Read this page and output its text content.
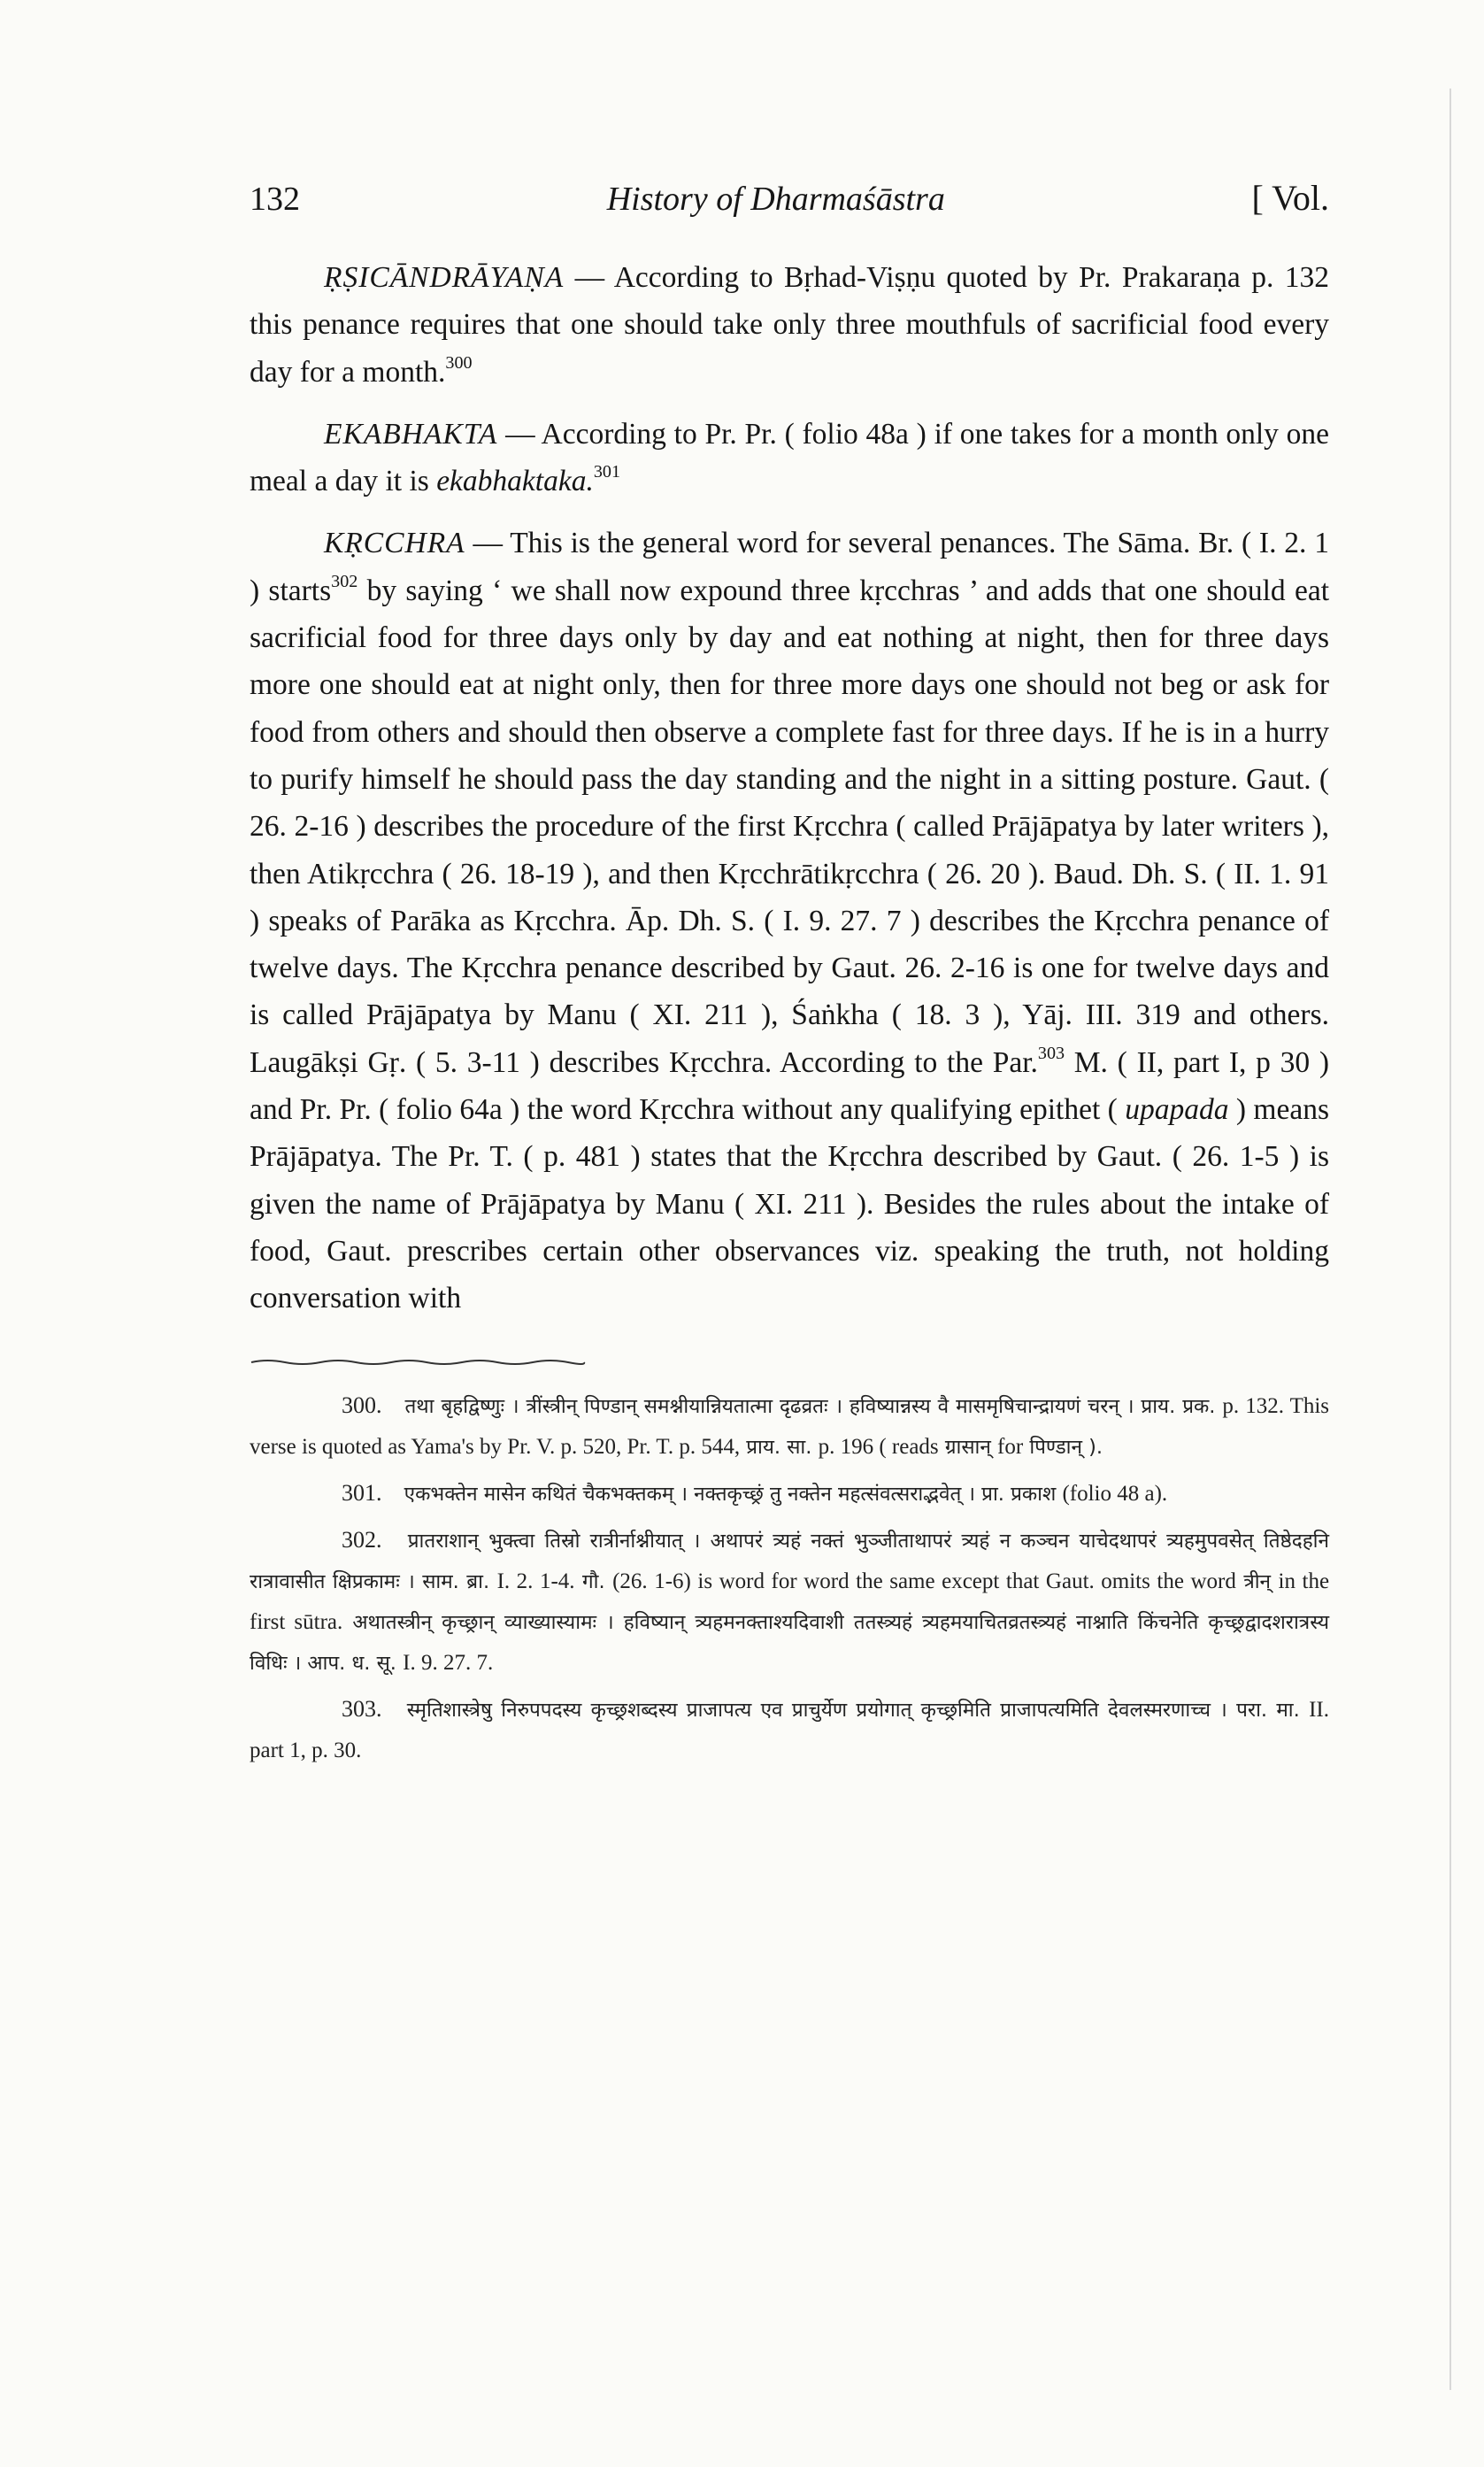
132	History of Dharmaśāstra	[ Vol.

ṚṢICĀNDRĀYAṆA — According to Bṛhad-Viṣṇu quoted by Pr. Prakaraṇa p. 132 this penance requires that one should take only three mouthfuls of sacrificial food every day for a month.$^{300}$

EKABHAKTA — According to Pr. Pr. ( folio 48a ) if one takes for a month only one meal a day it is ekabhaktaka.$^{301}$

KṚCCHRA — This is the general word for several penances. The Sāma. Br. ( I. 2. 1 ) starts$^{302}$ by saying ‘ we shall now expound three kṛcchras ’ and adds that one should eat sacrificial food for three days only by day and eat nothing at night, then for three days more one should eat at night only, then for three more days one should not beg or ask for food from others and should then observe a complete fast for three days. If he is in a hurry to purify himself he should pass the day standing and the night in a sitting posture. Gaut. ( 26. 2-16 ) describes the procedure of the first Kṛcchra ( called Prājāpatya by later writers ), then Atikṛcchra ( 26. 18-19 ), and then Kṛcchrātikṛcchra ( 26. 20 ). Baud. Dh. S. ( II. 1. 91 ) speaks of Parāka as Kṛcchra. Āp. Dh. S. ( I. 9. 27. 7 ) describes the Kṛcchra penance of twelve days. The Kṛcchra penance described by Gaut. 26. 2-16 is one for twelve days and is called Prājāpatya by Manu ( XI. 211 ), Śaṅkha ( 18. 3 ), Yāj. III. 319 and others. Laugākṣi Gṛ. ( 5. 3-11 ) describes Kṛcchra. According to the Par.$^{303}$ M. ( II, part I, p 30 ) and Pr. Pr. ( folio 64a ) the word Kṛcchra without any qualifying epithet ( upapada ) means Prājāpatya. The Pr. T. ( p. 481 ) states that the Kṛcchra described by Gaut. ( 26. 1-5 ) is given the name of Prājāpatya by Manu ( XI. 211 ). Besides the rules about the intake of food, Gaut. prescribes certain other observances viz. speaking the truth, not holding conversation with

300. तथा बृहद्विष्णुः । त्रींस्त्रीन् पिण्डान् समश्नीयान्नियतात्मा दृढव्रतः । हविष्यान्नस्य वै मासमृषिचान्द्रायणं चरन् । प्राय. प्रक. p. 132. This verse is quoted as Yama's by Pr. V. p. 520, Pr. T. p. 544, प्राय. सा. p. 196 ( reads ग्रासान् for पिण्डान् ).

301. एकभक्तेन मासेन कथितं चैकभक्तकम् । नक्तकृच्छ्रं तु नक्तेन महत्संवत्सराद्भवेत् । प्रा. प्रकाश (folio 48 a).

302. प्रातराशान् भुक्त्वा तिस्रो रात्रीर्नाश्नीयात् । अथापरं त्र्यहं नक्तं भुञ्जीताथापरं त्र्यहं न कञ्चन याचेदथापरं त्र्यहमुपवसेत् तिष्ठेदहनि रात्रावासीत क्षिप्रकामः । साम. ब्रा. I. 2. 1-4. गौ. (26. 1-6) is word for word the same except that Gaut. omits the word त्रीन् in the first sūtra. अथातस्त्रीन् कृच्छ्रान् व्याख्यास्यामः । हविष्यान् त्र्यहमनक्ताश्यदिवाशी ततस्त्र्यहं त्र्यहमयाचितव्रतस्त्र्यहं नाश्नाति किंचनेति कृच्छ्रद्वादशरात्रस्य विधिः । आप. ध. सू. I. 9. 27. 7.

303. स्मृतिशास्त्रेषु निरुपपदस्य कृच्छ्रशब्दस्य प्राजापत्य एव प्राचुर्येण प्रयोगात् कृच्छ्रमिति प्राजापत्यमिति देवलस्मरणाच्च । परा. मा. II. part 1, p. 30.
